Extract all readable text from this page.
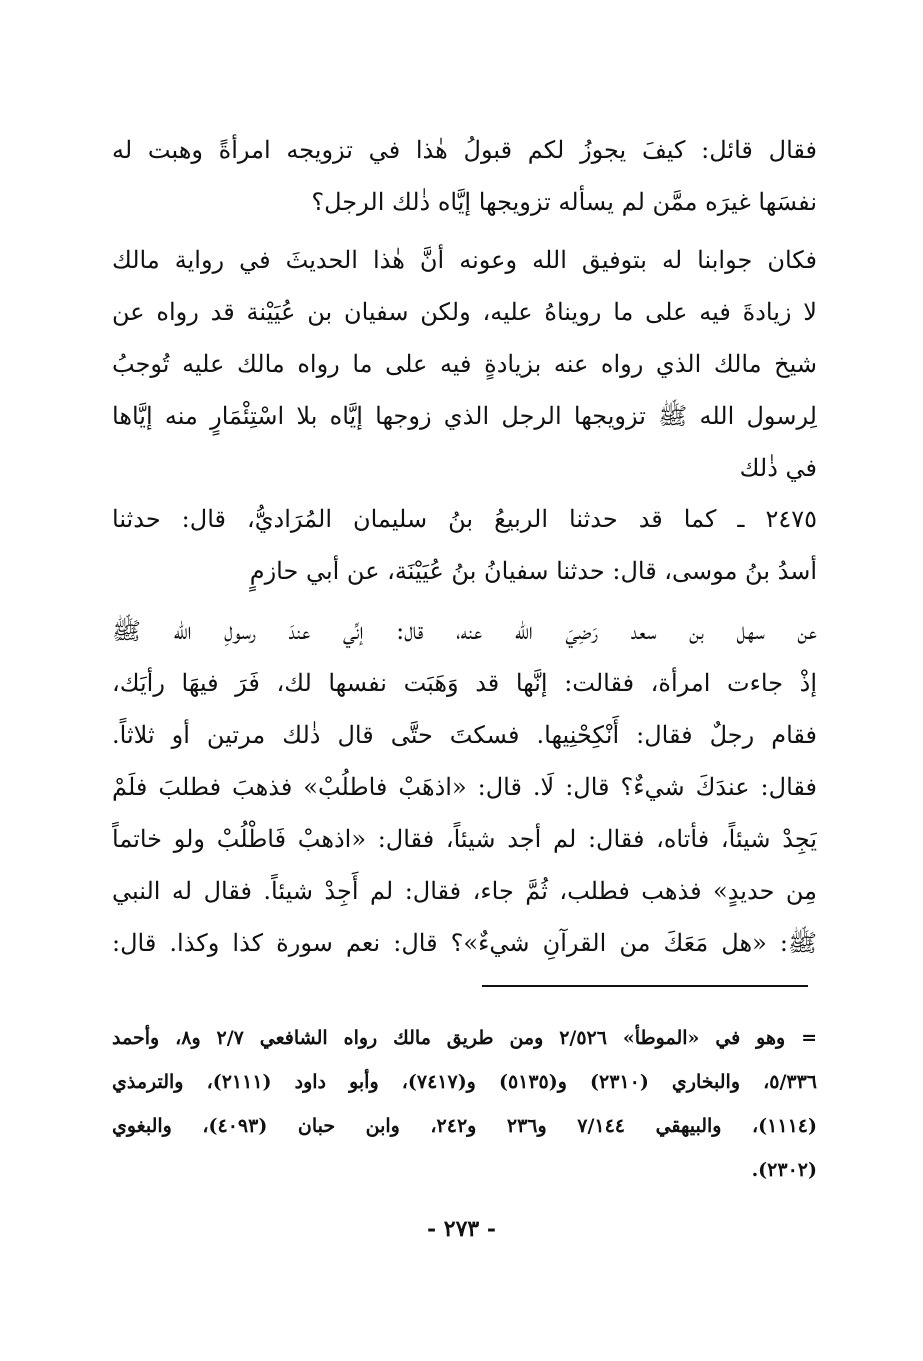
فقال قائل: كيفَ يجوزُ لكم قبولُ هٰذا في تزويجه امرأةً وهبت له
نفسَها غيرَه ممَّن لم يسأله تزويجها إيَّاه ذٰلك الرجل؟
فكان جوابنا له بتوفيق الله وعونه أنَّ هٰذا الحديثَ في رواية مالك
لا زيادةَ فيه على ما رويناهُ عليه، ولكن سفيان بن عُيَيْنة قد رواه عن
شيخ مالك الذي رواه عنه بزيادةٍ فيه على ما رواه مالك عليه تُوجبُ
لِرسول الله ﷺ تزويجها الرجل الذي زوجها إيَّاه بلا اسْتِئْمَارٍ منه إيَّاها
في ذٰلك
٢٤٧٥ ـ كما قد حدثنا الربيعُ بنُ سليمان المُرَاديُّ، قال: حدثنا
أسدُ بنُ موسى، قال: حدثنا سفيانُ بنُ عُيَيْنَة، عن أبي حازمٍ
عن سهل بن سعد رَضِيَ الله عنه، قال: إنِّي عندَ رسولِ الله ﷺ
إذْ جاءت امرأة، فقالت: إنَّها قد وَهَبَت نفسها لك، فَرَ فيهَا رأيَك،
فقام رجلٌ فقال: أَنْكِحْنِيها. فسكتَ حتَّى قال ذٰلك مرتين أو ثلاثاً.
فقال: عندَكَ شيءٌ؟ قال: لَا. قال: «اذهَبْ فاطلُبْ» فذهبَ فطلبَ فلَمْ
يَجِدْ شيئاً، فأتاه، فقال: لم أجد شيئاً، فقال: «اذهبْ فَاطْلُبْ ولو خاتماً
مِن حديدٍ» فذهب فطلب، ثُمَّ جاء، فقال: لم أَجِدْ شيئاً. فقال له النبي
ﷺ: «هل مَعَكَ من القرآنِ شيءٌ»؟ قال: نعم سورة كذا وكذا. قال:
= وهو في «الموطأ» ٢/٥٢٦ ومن طريق مالك رواه الشافعي ٢/٧ و٨، وأحمد
٥/٣٣٦، والبخاري (٢٣١٠) و(٥١٣٥) و(٧٤١٧)، وأبو داود (٢١١١)، والترمذي
(١١١٤)، والبيهقي ٧/١٤٤ و٢٣٦ و٢٤٢، وابن حبان (٤٠٩٣)، والبغوي
(٢٣٠٢).
- ٢٧٣ -
